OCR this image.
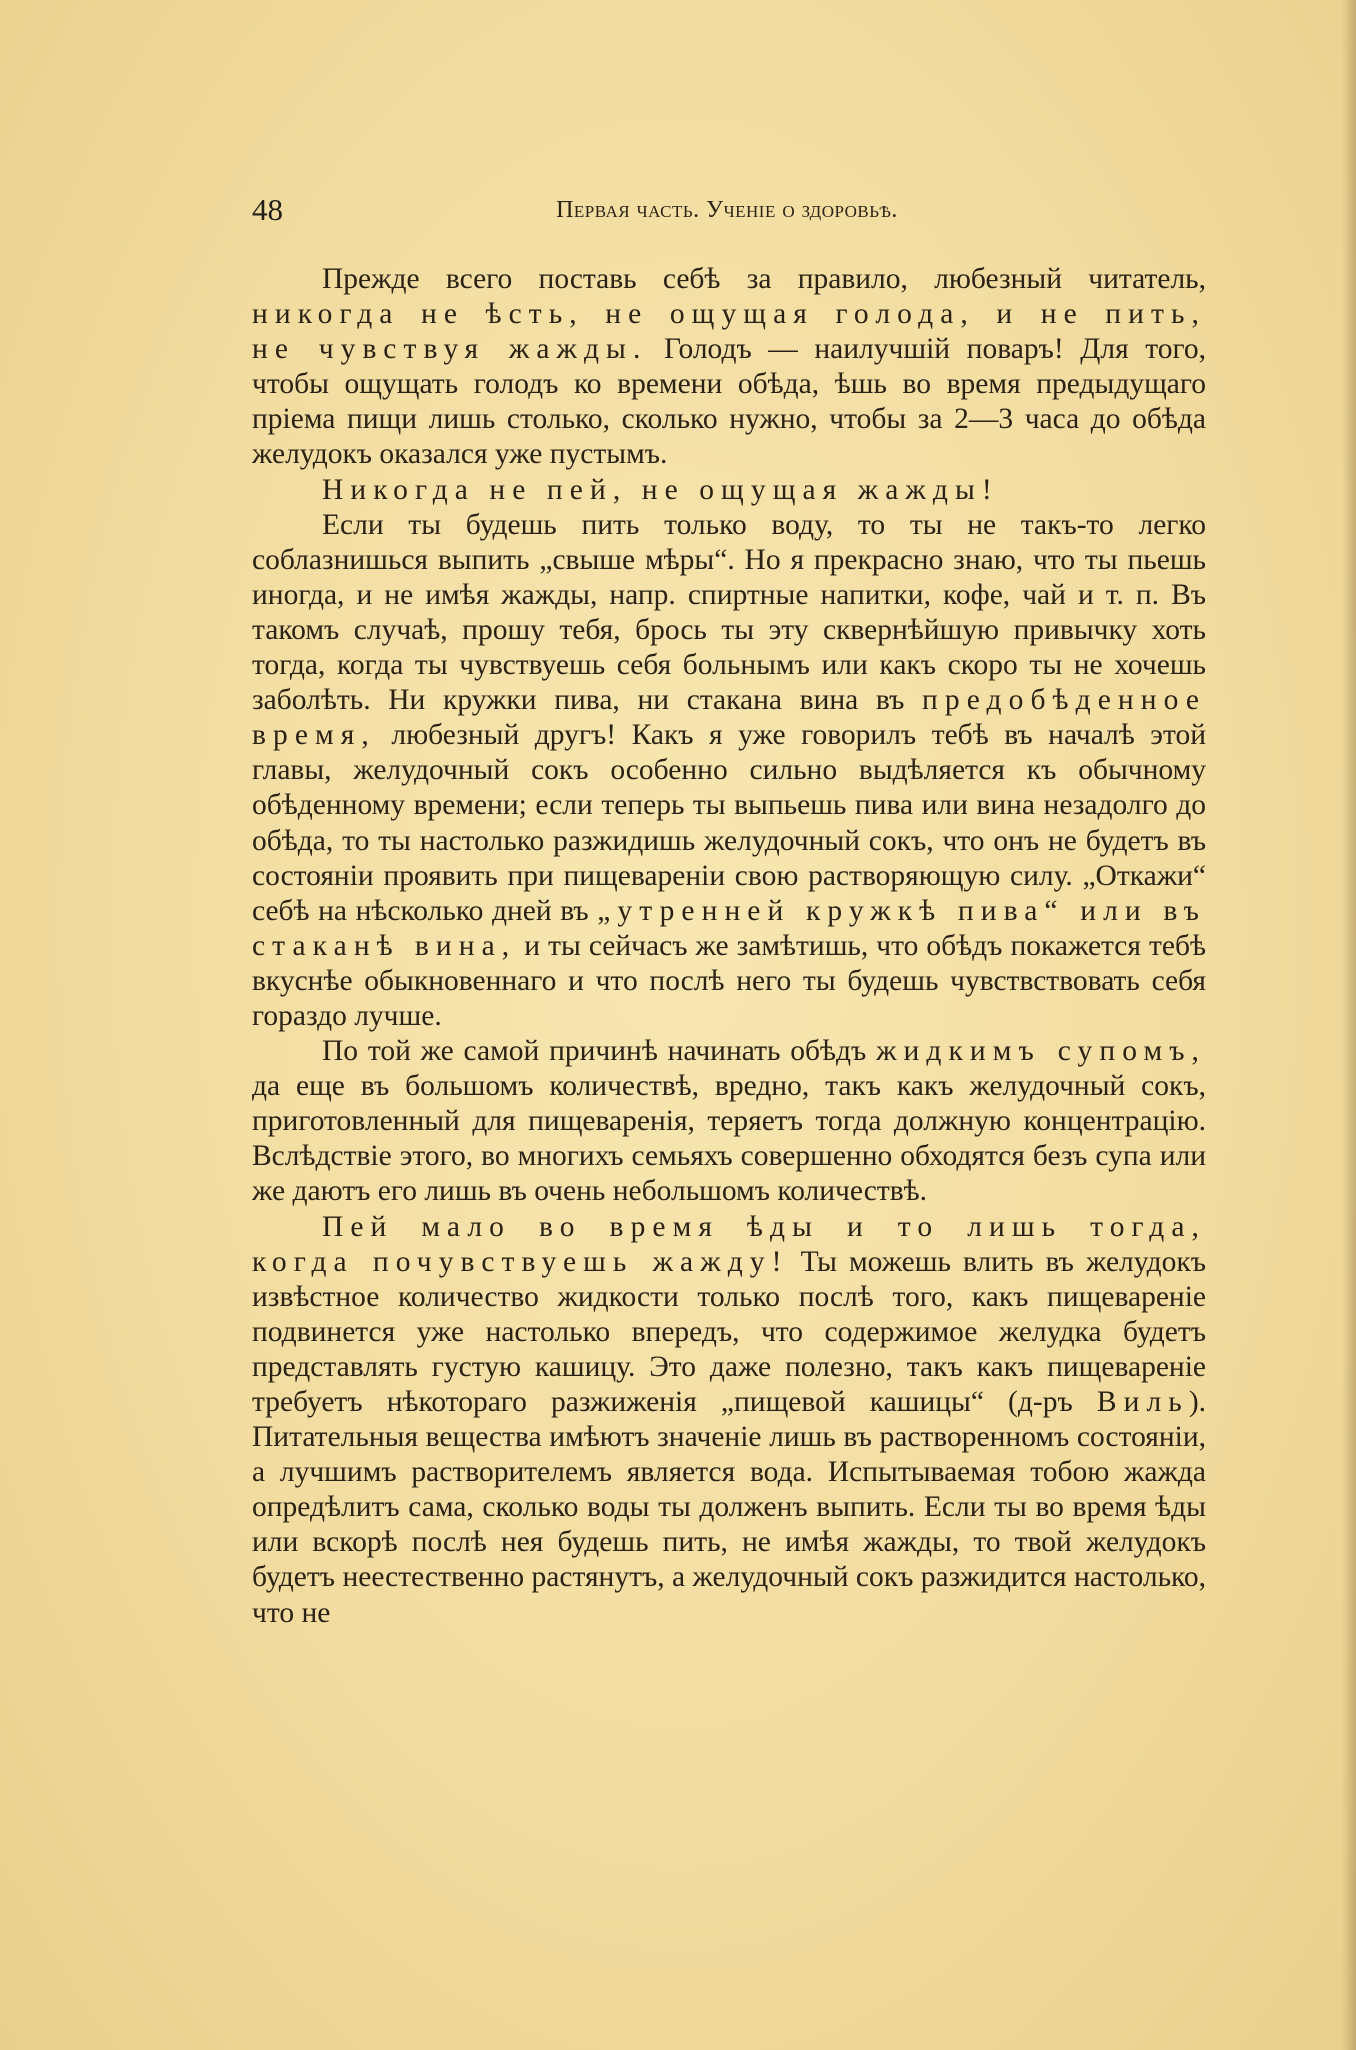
48	Первая часть. Ученіе о здоровьѣ.

Прежде всего поставь себѣ за правило, любезный читатель, никогда не ѣсть, не ощущая голода, и не пить, не чувствуя жажды. Голодъ — наилучшій поваръ! Для того, чтобы ощущать голодъ ко времени обѣда, ѣшь во время предыдущаго пріема пищи лишь столько, сколько нужно, чтобы за 2—3 часа до обѣда желудокъ оказался уже пустымъ.

Никогда не пей, не ощущая жажды!

Если ты будешь пить только воду, то ты не такъ-то легко соблазнишься выпить „свыше мѣры“. Но я прекрасно знаю, что ты пьешь иногда, и не имѣя жажды, напр. спиртные напитки, кофе, чай и т. п. Въ такомъ случаѣ, прошу тебя, брось ты эту сквернѣйшую привычку хоть тогда, когда ты чувствуешь себя больнымъ или какъ скоро ты не хочешь заболѣть. Ни кружки пива, ни стакана вина въ предобѣденное время, любезный другъ! Какъ я уже говорилъ тебѣ въ началѣ этой главы, желудочный сокъ особенно сильно выдѣляется къ обычному обѣденному времени; если теперь ты выпьешь пива или вина незадолго до обѣда, то ты настолько разжидишь желудочный сокъ, что онъ не будетъ въ состояніи проявить при пищевареніи свою растворяющую силу. „Откажи“ себѣ на нѣсколько дней въ „утренней кружкѣ пива“ или въ стаканѣ вина, и ты сейчасъ же замѣтишь, что обѣдъ покажется тебѣ вкуснѣе обыкновеннаго и что послѣ него ты будешь чувствствовать себя гораздо лучше.

По той же самой причинѣ начинать обѣдъ жидкимъ супомъ, да еще въ большомъ количествѣ, вредно, такъ какъ желудочный сокъ, приготовленный для пищеваренія, теряетъ тогда должную концентрацію. Вслѣдствіе этого, во многихъ семьяхъ совершенно обходятся безъ супа или же даютъ его лишь въ очень небольшомъ количествѣ.

Пей мало во время ѣды и то лишь тогда, когда почувствуешь жажду! Ты можешь влить въ желудокъ извѣстное количество жидкости только послѣ того, какъ пищевареніе подвинется уже настолько впередъ, что содержимое желудка будетъ представлять густую кашицу. Это даже полезно, такъ какъ пищевареніе требуетъ нѣкотораго разжиженія „пищевой кашицы“ (д-ръ Виль). Питательныя вещества имѣютъ значеніе лишь въ растворенномъ состояніи, а лучшимъ растворителемъ является вода. Испытываемая тобою жажда опредѣлитъ сама, сколько воды ты долженъ выпить. Если ты во время ѣды или вскорѣ послѣ нея будешь пить, не имѣя жажды, то твой желудокъ будетъ неестественно растянутъ, а желудочный сокъ разжидится настолько, что не
